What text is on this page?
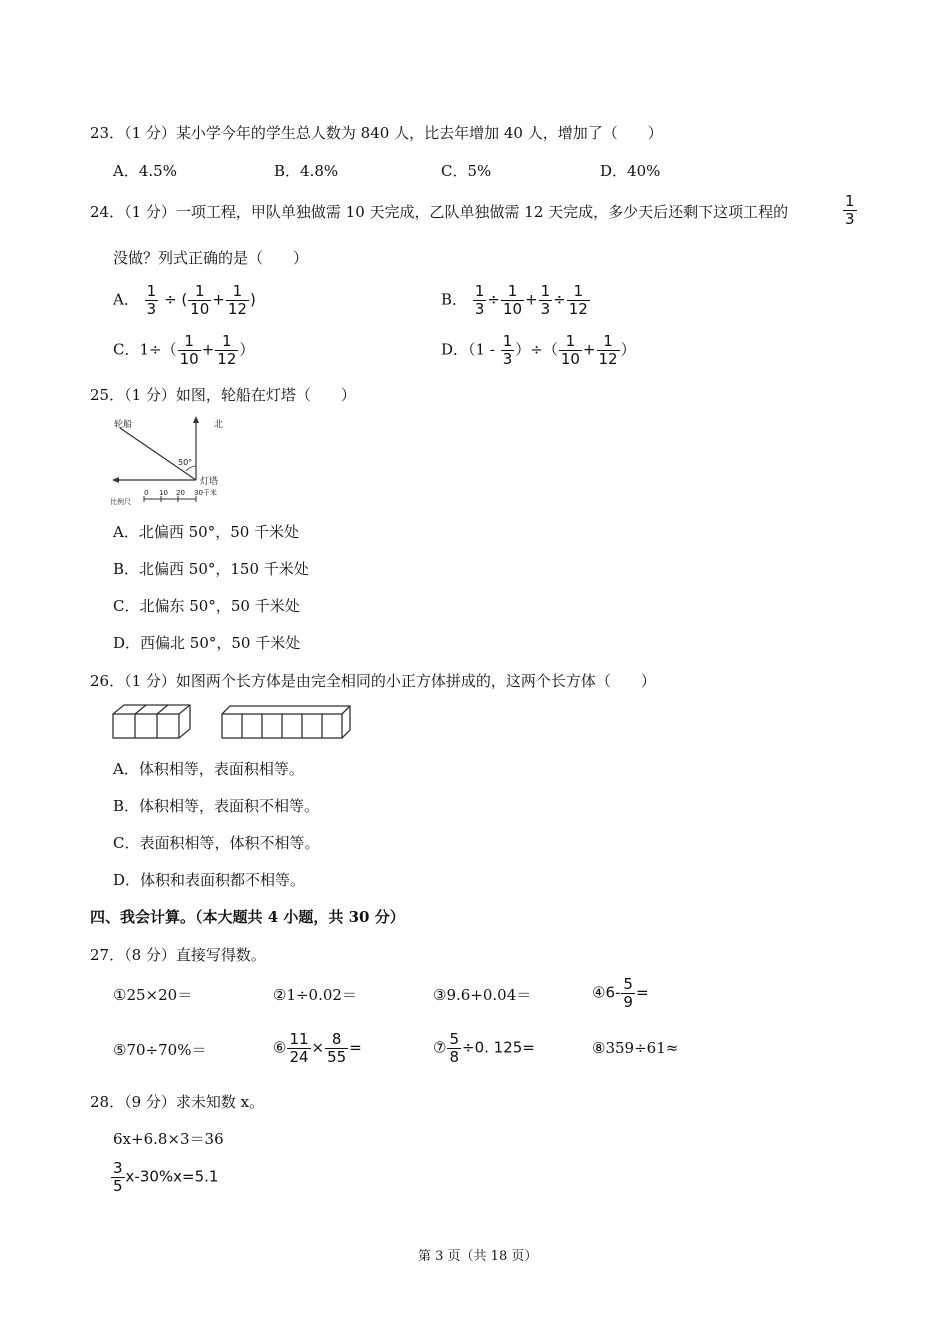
23．（1 分）某小学今年的学生总人数为 840 人，比去年增加 40 人，增加了（　　）
A．4.5%	B．4.8%	C．5%	D．40%
24．（1 分）一项工程，甲队单独做需 10 天完成，乙队单独做需 12 天完成，多少天后还剩下这项工程的	$\frac{1}{3}$
没做？列式正确的是（　　）
A． $\frac{1}{3}$ ÷ ( $\frac{1}{10} + \frac{1}{12}$ )	B． $\frac{1}{3} \div \frac{1}{10} + \frac{1}{3} \div \frac{1}{12}$
C．$1\div( \frac{1}{10} + \frac{1}{12}$ ）	D．（$1 - \frac{1}{3}$ ）÷（ $\frac{1}{10} + \frac{1}{12}$ ）
25．（1 分）如图，轮船在灯塔（　　）
轮船	北
50°
灯塔
比例尺
0 10 20 30千米
A．北偏西 50°，50 千米处
B．北偏西 50°，150 千米处
C．北偏东 50°，50 千米处
D．西偏北 50°，50 千米处
26．（1 分）如图两个长方体是由完全相同的小正方体拼成的，这两个长方体（　　）
A．体积相等，表面积相等。
B．体积相等，表面积不相等。
C．表面积相等，体积不相等。
D．体积和表面积都不相等。
四、我会计算。（本大题共 4 小题，共 30 分）
27．（8 分）直接写得数。
①25×20＝	②1÷0.02＝	③9.6+0.04＝	④6- $\frac{5}{9}$ =
⑤70÷70%＝	⑥ $\frac{11}{24} \times \frac{8}{55}$ =	⑦ $\frac{5}{8} \div 0$. 125=	⑧359÷61≈
28．（9 分）求未知数 x。
6x+6.8×3＝36
$\frac{3}{5} x-30\%x=5.1$
第 3 页（共 18 页）
